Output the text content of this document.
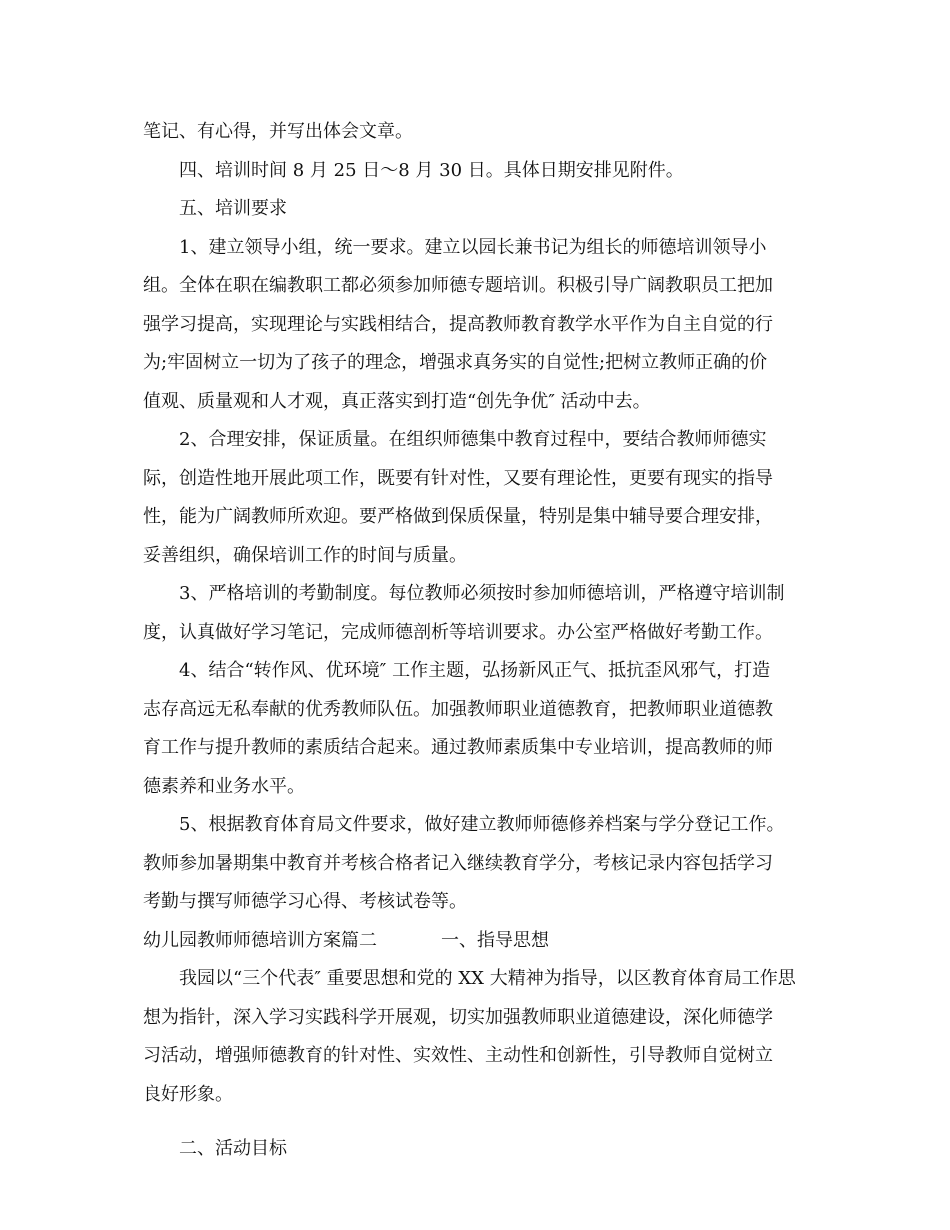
笔记、有心得，并写出体会文章。
四、培训时间 8 月 25 日～8 月 30 日。具体日期安排见附件。
五、培训要求
1、建立领导小组，统一要求。建立以园长兼书记为组长的师德培训领导小
组。全体在职在编教职工都必须参加师德专题培训。积极引导广阔教职员工把加
强学习提高，实现理论与实践相结合，提高教师教育教学水平作为自主自觉的行
为;牢固树立一切为了孩子的理念，增强求真务实的自觉性;把树立教师正确的价
值观、质量观和人才观，真正落实到打造“创先争优″ 活动中去。
2、合理安排，保证质量。在组织师德集中教育过程中，要结合教师师德实
际，创造性地开展此项工作，既要有针对性，又要有理论性，更要有现实的指导
性，能为广阔教师所欢迎。要严格做到保质保量，特别是集中辅导要合理安排，
妥善组织，确保培训工作的时间与质量。
3、严格培训的考勤制度。每位教师必须按时参加师德培训，严格遵守培训制
度，认真做好学习笔记，完成师德剖析等培训要求。办公室严格做好考勤工作。
4、结合“转作风、优环境″ 工作主题，弘扬新风正气、抵抗歪风邪气，打造
志存高远无私奉献的优秀教师队伍。加强教师职业道德教育，把教师职业道德教
育工作与提升教师的素质结合起来。通过教师素质集中专业培训，提高教师的师
德素养和业务水平。
5、根据教育体育局文件要求，做好建立教师师德修养档案与学分登记工作。
教师参加暑期集中教育并考核合格者记入继续教育学分，考核记录内容包括学习
考勤与撰写师德学习心得、考核试卷等。
幼儿园教师师德培训方案篇二	一、指导思想
我园以“三个代表″ 重要思想和党的 XX 大精神为指导，以区教育体育局工作思
想为指针，深入学习实践科学开展观，切实加强教师职业道德建设，深化师德学
习活动，增强师德教育的针对性、实效性、主动性和创新性，引导教师自觉树立
良好形象。
二、活动目标
